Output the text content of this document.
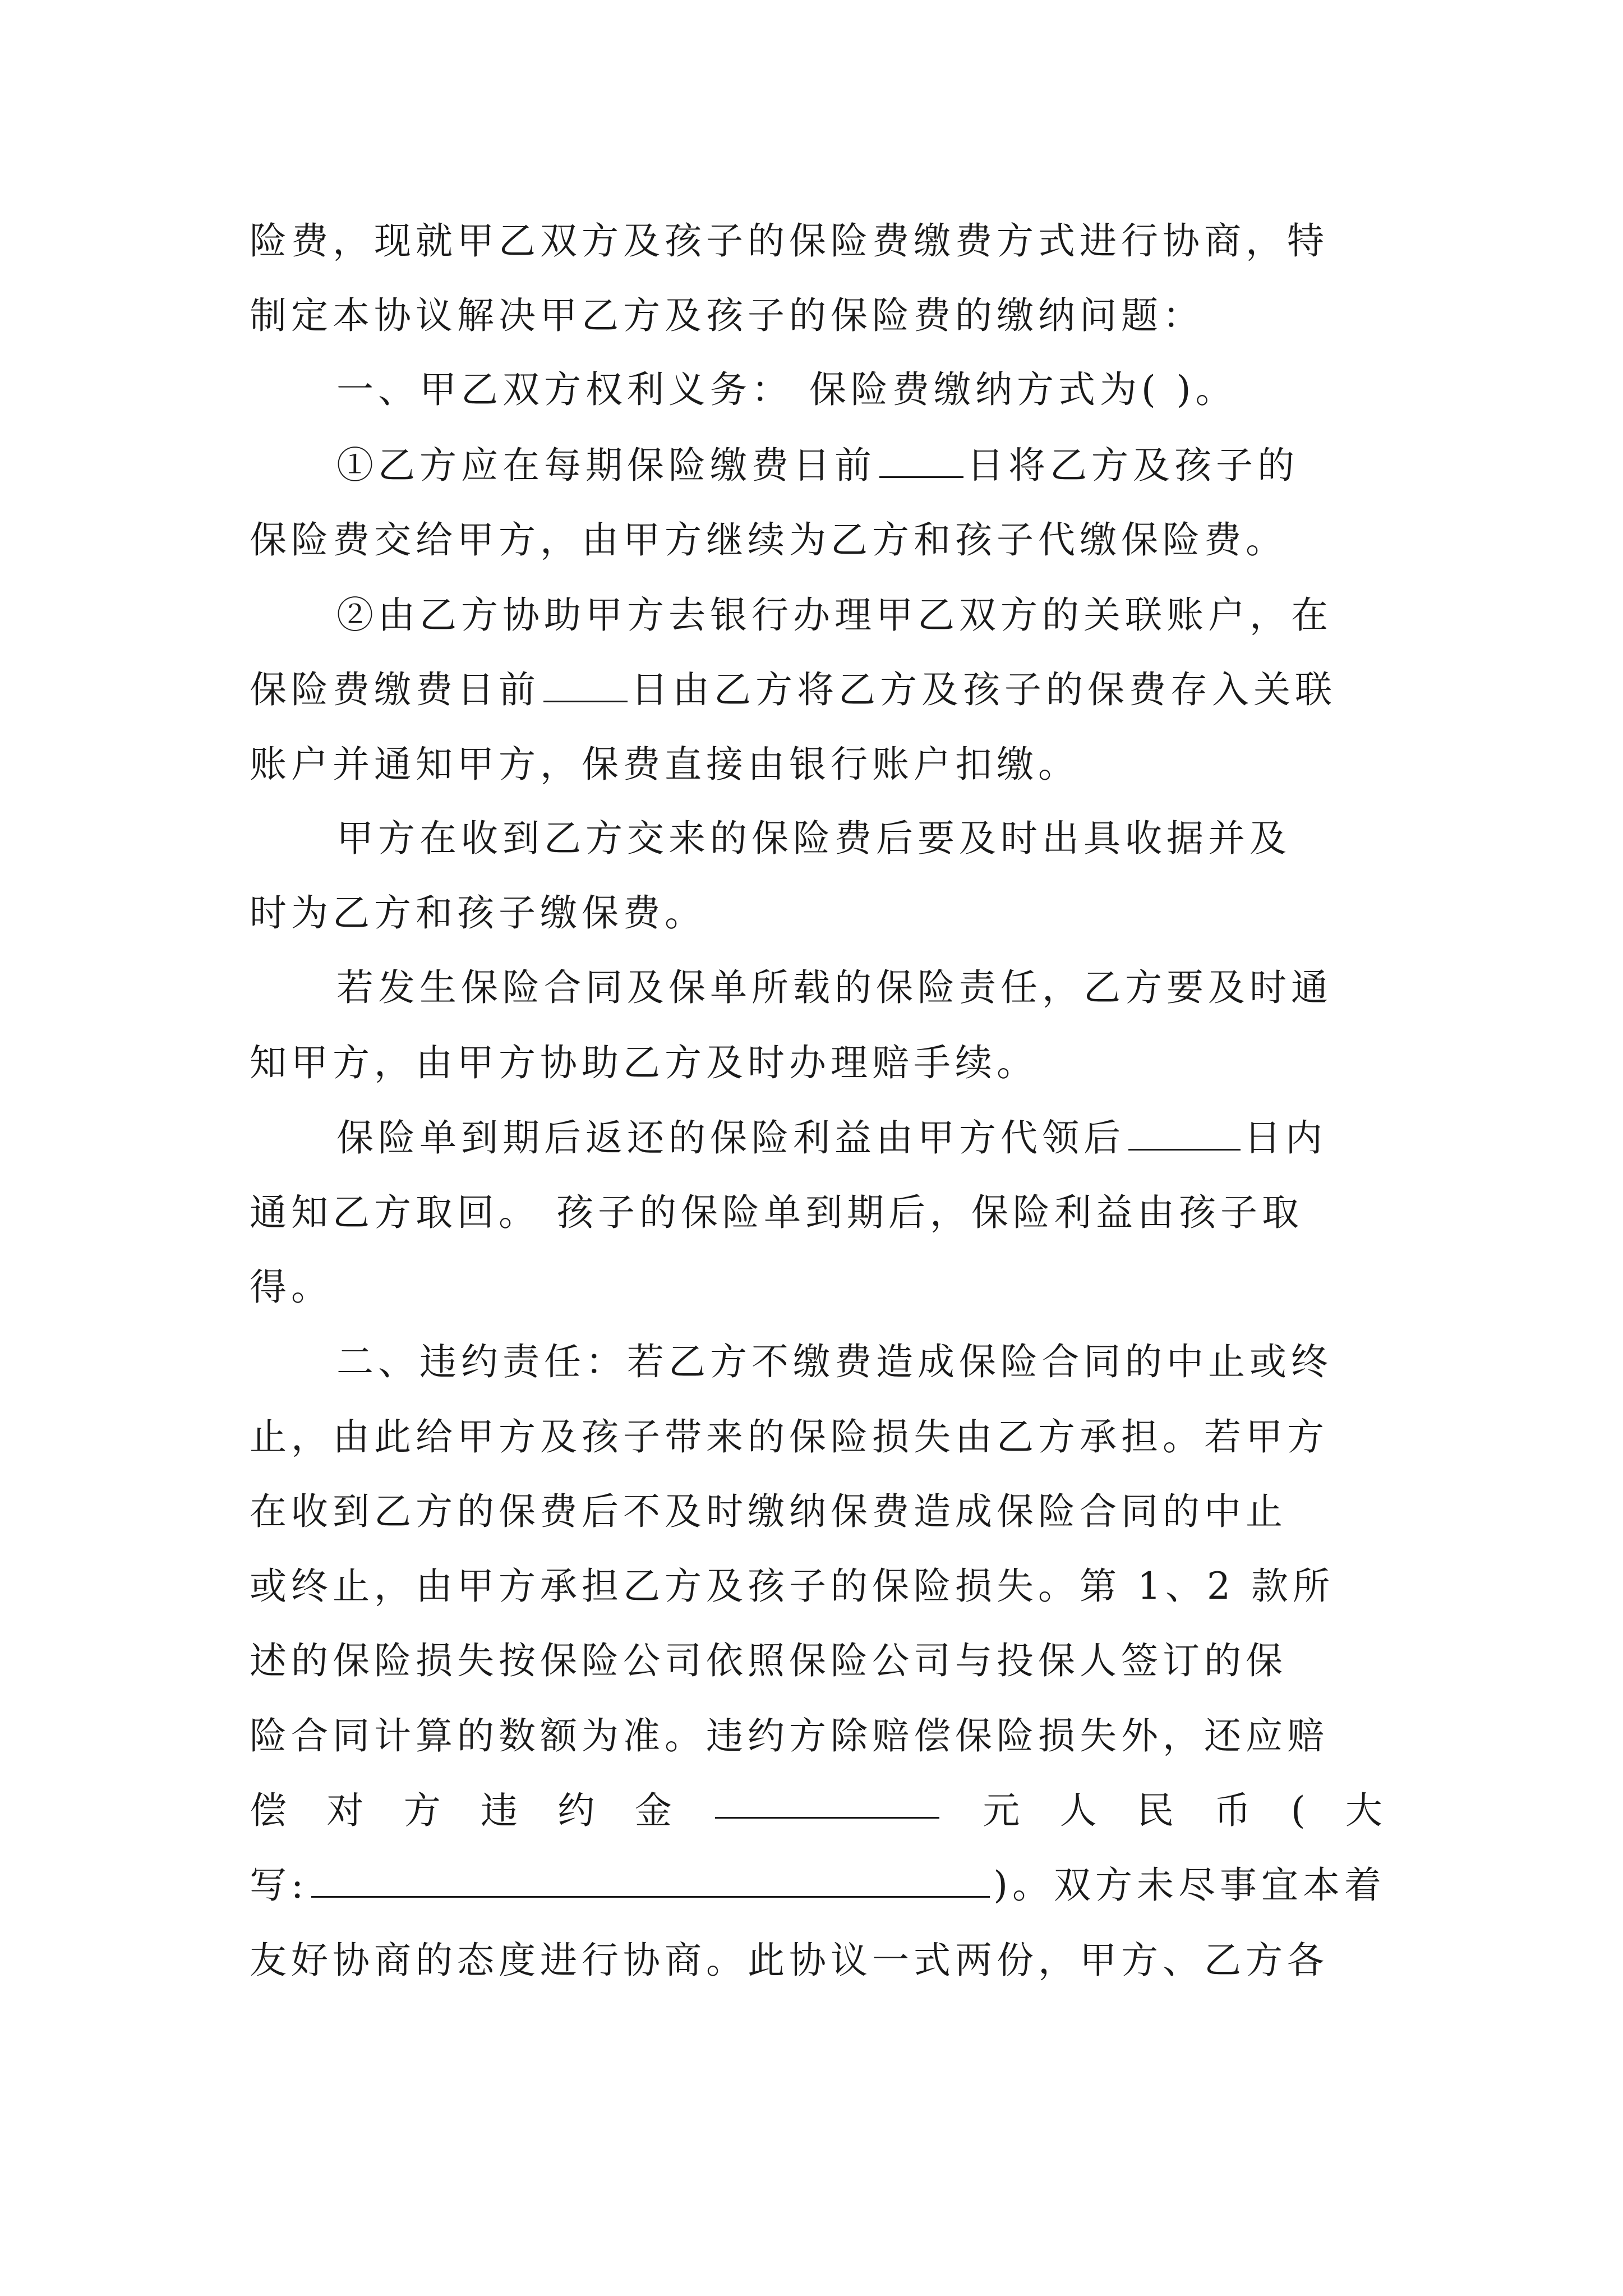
险费，现就甲乙双方及孩子的保险费缴费方式进行协商，特
制定本协议解决甲乙方及孩子的保险费的缴纳问题：
一、甲乙双方权利义务： 保险费缴纳方式为( )。
①乙方应在每期保险缴费日前 日将乙方及孩子的
保险费交给甲方，由甲方继续为乙方和孩子代缴保险费。
②由乙方协助甲方去银行办理甲乙双方的关联账户，在
保险费缴费日前 日由乙方将乙方及孩子的保费存入关联
账户并通知甲方，保费直接由银行账户扣缴。
甲方在收到乙方交来的保险费后要及时出具收据并及
时为乙方和孩子缴保费。
若发生保险合同及保单所载的保险责任，乙方要及时通
知甲方，由甲方协助乙方及时办理赔手续。
保险单到期后返还的保险利益由甲方代领后	日内
通知乙方取回。 孩子的保险单到期后，保险利益由孩子取
得。
二、违约责任：若乙方不缴费造成保险合同的中止或终
止，由此给甲方及孩子带来的保险损失由乙方承担。若甲方
在收到乙方的保费后不及时缴纳保费造成保险合同的中止
或终止，由甲方承担乙方及孩子的保险损失。第 1、2 款所
述的保险损失按保险公司依照保险公司与投保人签订的保
险合同计算的数额为准。违约方除赔偿保险损失外，还应赔
偿 对 方 违 约 金	元 人 民 币 ( 大
写:	)。双方未尽事宜本着
友好协商的态度进行协商。此协议一式两份，甲方、乙方各
